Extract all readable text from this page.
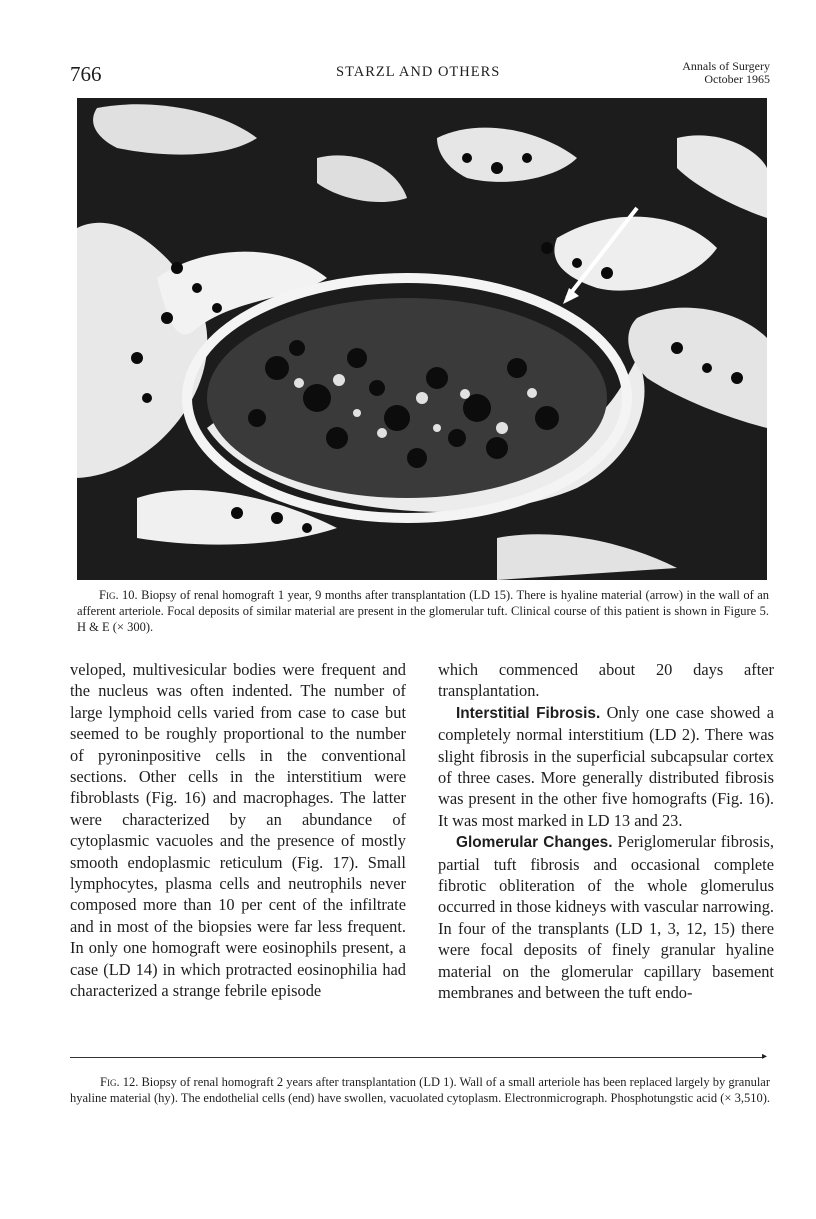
766	STARZL AND OTHERS	Annals of Surgery
October 1965
Fig. 10. Biopsy of renal homograft 1 year, 9 months after transplantation (LD 15). There is hyaline material (arrow) in the wall of an afferent arteriole. Focal deposits of similar material are present in the glomerular tuft. Clinical course of this patient is shown in Figure 5. H & E (× 300).

veloped, multivesicular bodies were frequent and the nucleus was often indented. The number of large lymphoid cells varied from case to case but seemed to be roughly proportional to the number of pyroninpositive cells in the conventional sections. Other cells in the interstitium were fibroblasts (Fig. 16) and macrophages. The latter were characterized by an abundance of cytoplasmic vacuoles and the presence of mostly smooth endoplasmic reticulum (Fig. 17). Small lymphocytes, plasma cells and neutrophils never composed more than 10 per cent of the infiltrate and in most of the biopsies were far less frequent. In only one homograft were eosinophils present, a case (LD 14) in which protracted eosinophilia had characterized a strange febrile episode

which commenced about 20 days after transplantation.

Interstitial Fibrosis. Only one case showed a completely normal interstitium (LD 2). There was slight fibrosis in the superficial subcapsular cortex of three cases. More generally distributed fibrosis was present in the other five homografts (Fig. 16). It was most marked in LD 13 and 23.

Glomerular Changes. Periglomerular fibrosis, partial tuft fibrosis and occasional complete fibrotic obliteration of the whole glomerulus occurred in those kidneys with vascular narrowing. In four of the transplants (LD 1, 3, 12, 15) there were focal deposits of finely granular hyaline material on the glomerular capillary basement membranes and between the tuft endo-

▸
Fig. 12. Biopsy of renal homograft 2 years after transplantation (LD 1). Wall of a small arteriole has been replaced largely by granular hyaline material (hy). The endothelial cells (end) have swollen, vacuolated cytoplasm. Electronmicrograph. Phosphotungstic acid (× 3,510).
